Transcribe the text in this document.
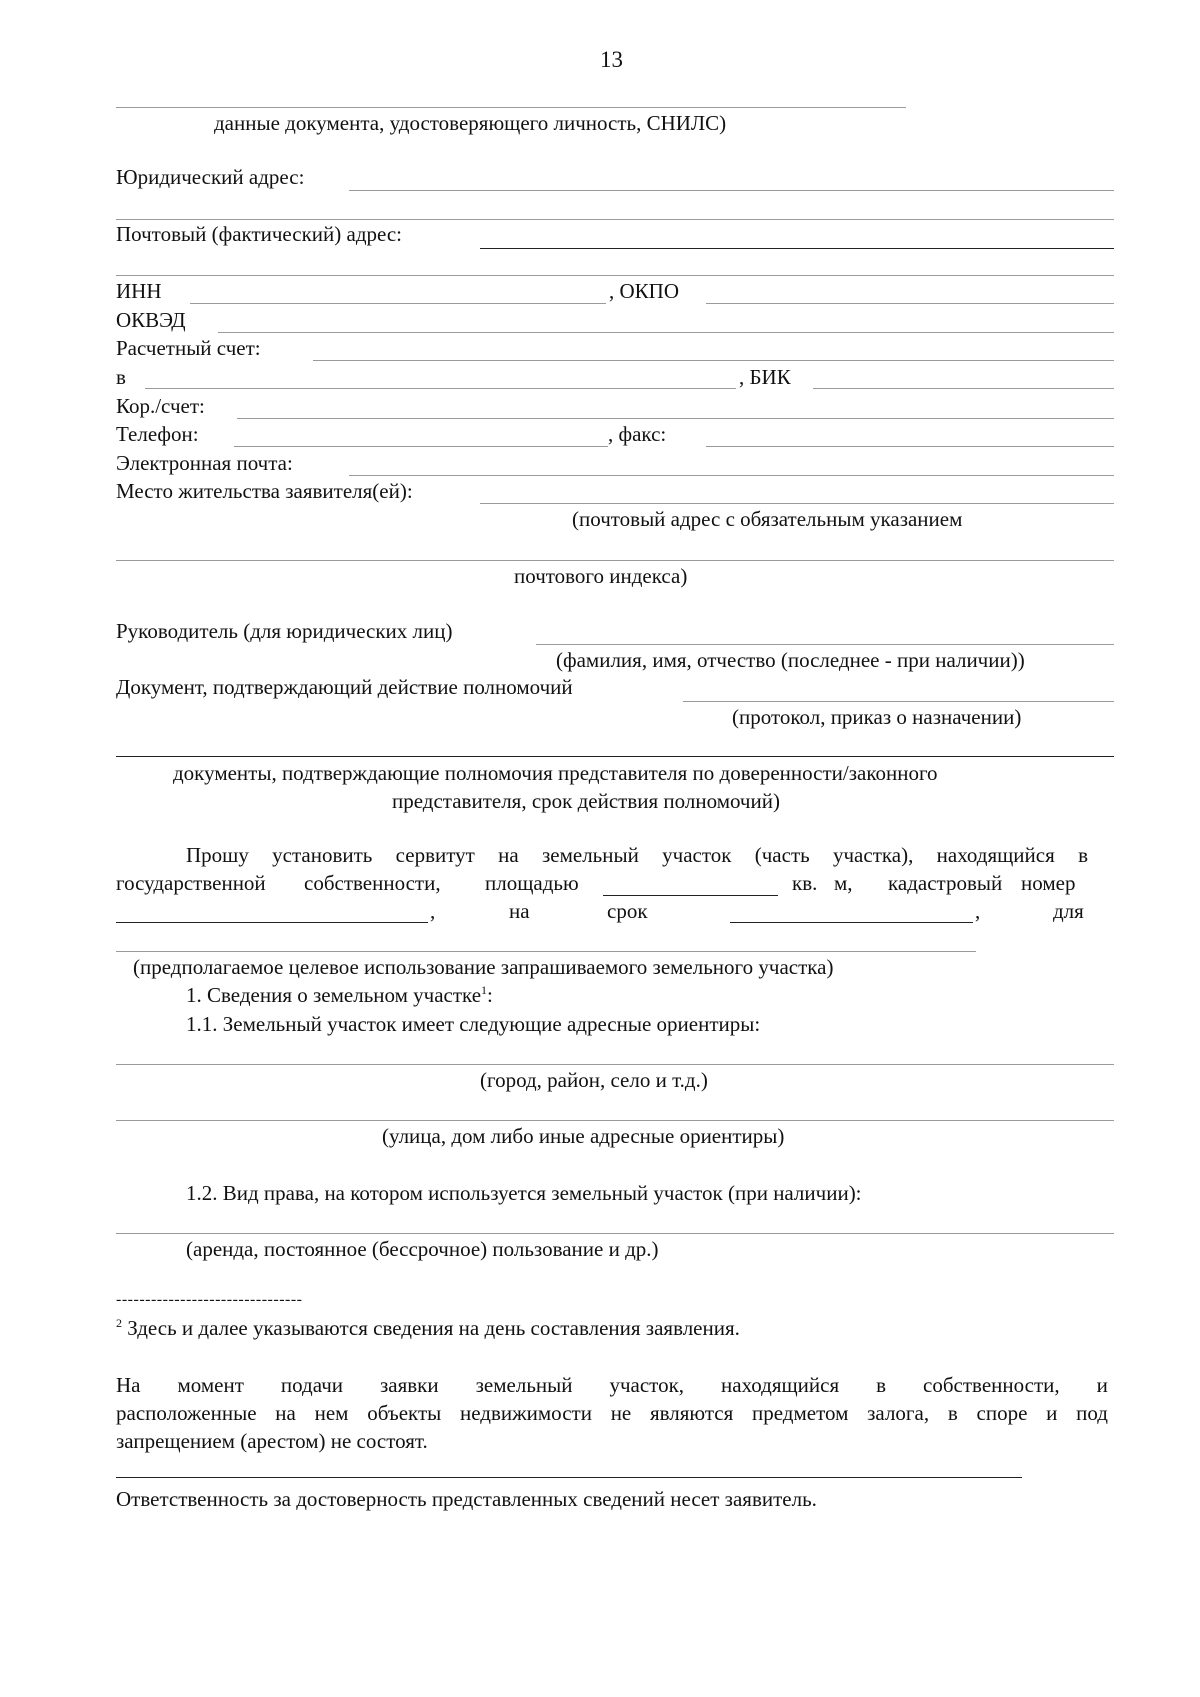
13
данные документа, удостоверяющего личность, СНИЛС)
Юридический адрес:
Почтовый (фактический) адрес:
ИНН	, ОКПО
ОКВЭД
Расчетный счет:
в	, БИК
Кор./счет:
Телефон:	, факс:
Электронная почта:
Место жительства заявителя(ей):
(почтовый адрес с обязательным указанием
почтового индекса)
Руководитель (для юридических лиц)
(фамилия, имя, отчество (последнее - при наличии))
Документ, подтверждающий действие полномочий
(протокол, приказ о назначении)
документы, подтверждающие полномочия представителя по доверенности/законного
представителя, срок действия полномочий)
Прошу установить сервитут на земельный участок (часть участка), находящийся в
государственной собственности, площадью	кв. м, кадастровый номер
,	на	срок	,	для
(предполагаемое целевое использование запрашиваемого земельного участка)
1. Сведения о земельном участке$^1$:
1.1. Земельный участок имеет следующие адресные ориентиры:
(город, район, село и т.д.)
(улица, дом либо иные адресные ориентиры)
1.2. Вид права, на котором используется земельный участок (при наличии):
(аренда, постоянное (бессрочное) пользование и др.)
--------------------------------
$^2$ Здесь и далее указываются сведения на день составления заявления.
На момент подачи заявки земельный участок, находящийся в собственности, и
расположенные на нем объекты недвижимости не являются предметом залога, в споре и под
запрещением (арестом) не состоят.
Ответственность за достоверность представленных сведений несет заявитель.
